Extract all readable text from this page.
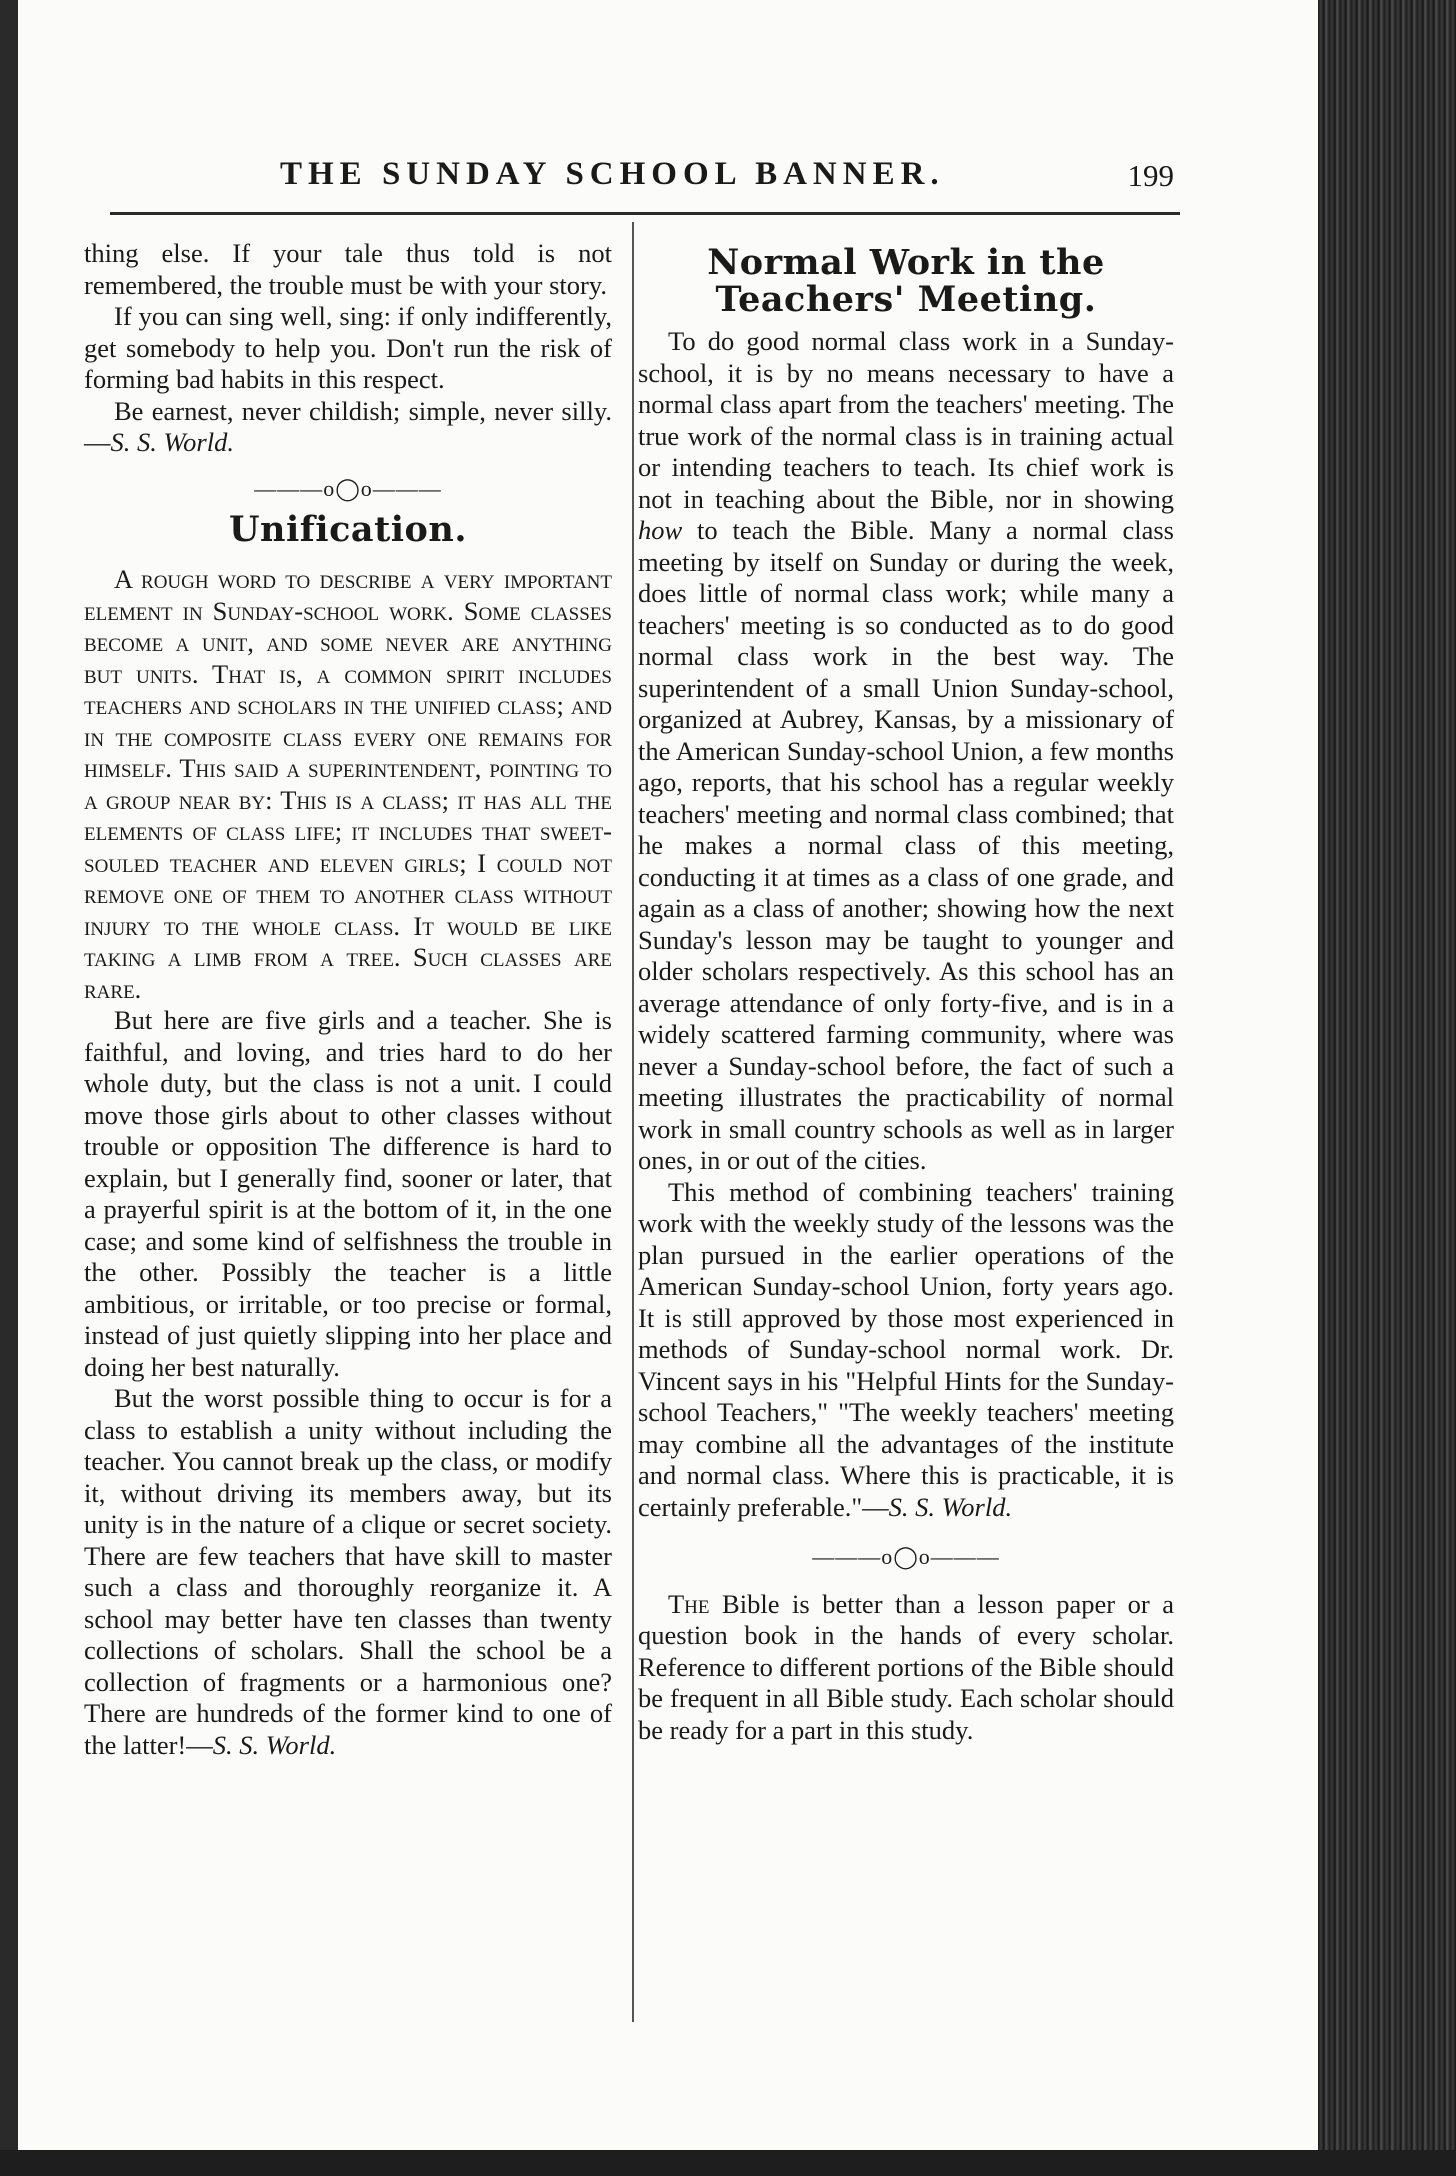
THE SUNDAY SCHOOL BANNER.	199

thing else. If your tale thus told is not remembered, the trouble must be with your story.

If you can sing well, sing: if only indifferently, get somebody to help you. Don't run the risk of forming bad habits in this respect.

Be earnest, never childish; simple, never silly.—S. S. World.

———o◯o———
Unification.

A rough word to describe a very important element in Sunday-school work. Some classes become a unit, and some never are anything but units. That is, a common spirit includes teachers and scholars in the unified class; and in the composite class every one remains for himself. This said a superintendent, pointing to a group near by: This is a class; it has all the elements of class life; it includes that sweet-souled teacher and eleven girls; I could not remove one of them to another class without injury to the whole class. It would be like taking a limb from a tree. Such classes are rare.

But here are five girls and a teacher. She is faithful, and loving, and tries hard to do her whole duty, but the class is not a unit. I could move those girls about to other classes without trouble or opposition The difference is hard to explain, but I generally find, sooner or later, that a prayerful spirit is at the bottom of it, in the one case; and some kind of selfishness the trouble in the other. Possibly the teacher is a little ambitious, or irritable, or too precise or formal, instead of just quietly slipping into her place and doing her best naturally.

But the worst possible thing to occur is for a class to establish a unity without including the teacher. You cannot break up the class, or modify it, without driving its members away, but its unity is in the nature of a clique or secret society. There are few teachers that have skill to master such a class and thoroughly reorganize it. A school may better have ten classes than twenty collections of scholars. Shall the school be a collection of fragments or a harmonious one? There are hundreds of the former kind to one of the latter!—S. S. World.

Normal Work in the Teachers' Meeting.

To do good normal class work in a Sunday-school, it is by no means necessary to have a normal class apart from the teachers' meeting. The true work of the normal class is in training actual or intending teachers to teach. Its chief work is not in teaching about the Bible, nor in showing how to teach the Bible. Many a normal class meeting by itself on Sunday or during the week, does little of normal class work; while many a teachers' meeting is so conducted as to do good normal class work in the best way. The superintendent of a small Union Sunday-school, organized at Aubrey, Kansas, by a missionary of the American Sunday-school Union, a few months ago, reports, that his school has a regular weekly teachers' meeting and normal class combined; that he makes a normal class of this meeting, conducting it at times as a class of one grade, and again as a class of another; showing how the next Sunday's lesson may be taught to younger and older scholars respectively. As this school has an average attendance of only forty-five, and is in a widely scattered farming community, where was never a Sunday-school before, the fact of such a meeting illustrates the practicability of normal work in small country schools as well as in larger ones, in or out of the cities.

This method of combining teachers' training work with the weekly study of the lessons was the plan pursued in the earlier operations of the American Sunday-school Union, forty years ago. It is still approved by those most experienced in methods of Sunday-school normal work. Dr. Vincent says in his "Helpful Hints for the Sunday-school Teachers," "The weekly teachers' meeting may combine all the advantages of the institute and normal class. Where this is practicable, it is certainly preferable."—S. S. World.

———o◯o———

The Bible is better than a lesson paper or a question book in the hands of every scholar. Reference to different portions of the Bible should be frequent in all Bible study. Each scholar should be ready for a part in this study.
